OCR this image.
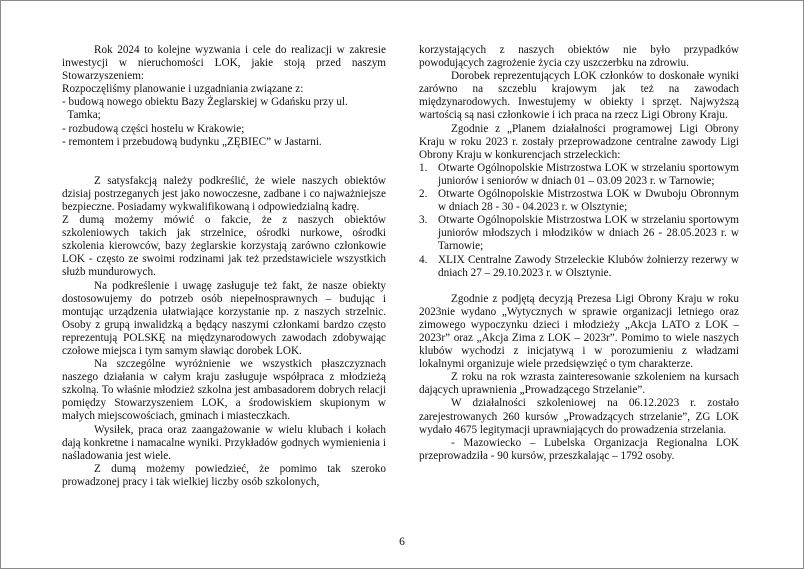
Rok 2024 to kolejne wyzwania i cele do realizacji w zakresie inwestycji w nieruchomości LOK, jakie stoją przed naszym Stowarzyszeniem:

Rozpoczęliśmy planowanie i uzgadniania związane z:

- budową nowego obiektu Bazy Żeglarskiej w Gdańsku przy ul.

Tamka;

- rozbudową części hostelu w Krakowie;

- remontem i przebudową budynku „ZĘBIEC” w Jastarni.

Z satysfakcją należy podkreślić, że wiele naszych obiektów dzisiaj postrzeganych jest jako nowoczesne, zadbane i co najważniejsze bezpieczne. Posiadamy wykwalifikowaną i odpowiedzialną kadrę.

Z dumą możemy mówić o fakcie, że z naszych obiektów szkoleniowych takich jak strzelnice, ośrodki nurkowe, ośrodki szkolenia kierowców, bazy żeglarskie korzystają zarówno członkowie LOK - często ze swoimi rodzinami jak też przedstawiciele wszystkich służb mundurowych.

Na podkreślenie i uwagę zasługuje też fakt, że nasze obiekty dostosowujemy do potrzeb osób niepełnosprawnych – budując i montując urządzenia ułatwiające korzystanie np. z naszych strzelnic. Osoby z grupą inwalidzką a będący naszymi członkami bardzo często reprezentują POLSKĘ na międzynarodowych zawodach zdobywając czołowe miejsca i tym samym sławiąc dorobek LOK.

Na szczególne wyróżnienie we wszystkich płaszczyznach naszego działania w całym kraju zasługuje współpraca z młodzieżą szkolną. To właśnie młodzież szkolna jest ambasadorem dobrych relacji pomiędzy Stowarzyszeniem LOK, a środowiskiem skupionym w małych miejscowościach, gminach i miasteczkach.

Wysiłek, praca oraz zaangażowanie w wielu klubach i kołach dają konkretne i namacalne wyniki. Przykładów godnych wymienienia i naśladowania jest wiele.

Z dumą możemy powiedzieć, że pomimo tak szeroko prowadzonej pracy i tak wielkiej liczby osób szkolonych,

korzystających z naszych obiektów nie było przypadków powodujących zagrożenie życia czy uszczerbku na zdrowiu.

Dorobek reprezentujących LOK członków to doskonałe wyniki zarówno na szczeblu krajowym jak też na zawodach międzynarodowych. Inwestujemy w obiekty i sprzęt. Najwyższą wartością są nasi członkowie i ich praca na rzecz Ligi Obrony Kraju.

Zgodnie z „Planem działalności programowej Ligi Obrony Kraju w roku 2023 r. zostały przeprowadzone centralne zawody Ligi Obrony Kraju w konkurencjach strzeleckich:

1. Otwarte Ogólnopolskie Mistrzostwa LOK w strzelaniu sportowym juniorów i seniorów w dniach 01 – 03.09 2023 r. w Tarnowie;
2. Otwarte Ogólnopolskie Mistrzostwa LOK w Dwuboju Obronnym w dniach 28 - 30 - 04.2023 r. w Olsztynie;
3. Otwarte Ogólnopolskie Mistrzostwa LOK w strzelaniu sportowym juniorów młodszych i młodzików w dniach 26 - 28.05.2023 r. w Tarnowie;
4. XLIX Centralne Zawody Strzeleckie Klubów żołnierzy rezerwy w dniach 27 – 29.10.2023 r. w Olsztynie.

Zgodnie z podjętą decyzją Prezesa Ligi Obrony Kraju w roku 2023nie wydano „Wytycznych w sprawie organizacji letniego oraz zimowego wypoczynku dzieci i młodzieży „Akcja LATO z LOK – 2023r” oraz „Akcja Zima z LOK – 2023r”. Pomimo to wiele naszych klubów wychodzi z inicjatywą i w porozumieniu z władzami lokalnymi organizuje wiele przedsięwzięć o tym charakterze.

Z roku na rok wzrasta zainteresowanie szkoleniem na kursach dających uprawnienia „Prowadzącego Strzelanie”.

W działalności szkoleniowej na 06.12.2023 r. zostało zarejestrowanych 260 kursów „Prowadzących strzelanie”, ZG LOK wydało 4675 legitymacji uprawniających do prowadzenia strzelania.

- Mazowiecko – Lubelska Organizacja Regionalna LOK przeprowadziła - 90 kursów, przeszkalając – 1792 osoby.

6
